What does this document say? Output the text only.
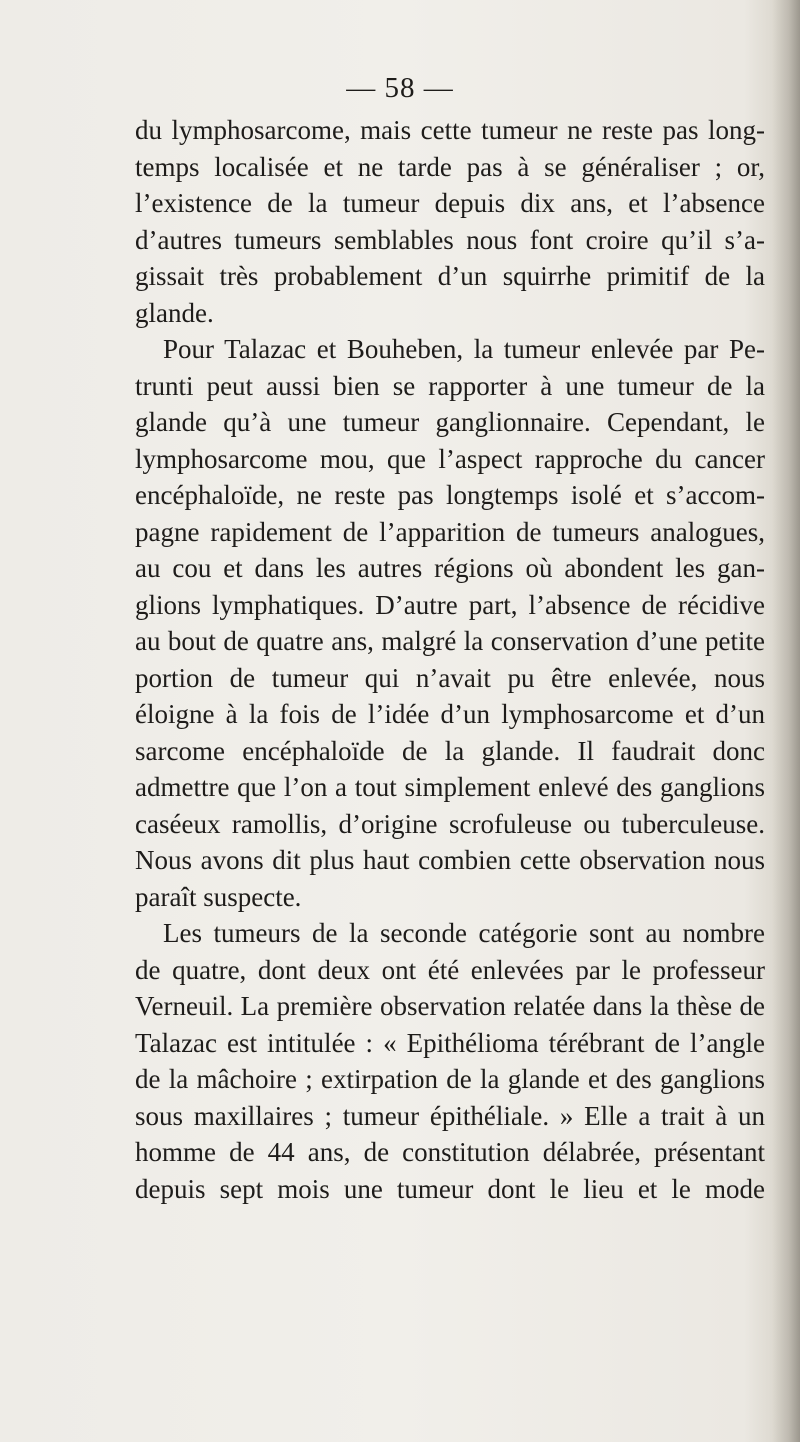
— 58 —
du lymphosarcome, mais cette tumeur ne reste pas long-
temps localisée et ne tarde pas à se généraliser ; or,
l’existence de la tumeur depuis dix ans, et l’absence
d’autres tumeurs semblables nous font croire qu’il s’a-
gissait très probablement d’un squirrhe primitif de la
glande.
Pour Talazac et Bouheben, la tumeur enlevée par Pe-
trunti peut aussi bien se rapporter à une tumeur de la
glande qu’à une tumeur ganglionnaire. Cependant, le
lymphosarcome mou, que l’aspect rapproche du cancer
encéphaloïde, ne reste pas longtemps isolé et s’accom-
pagne rapidement de l’apparition de tumeurs analogues,
au cou et dans les autres régions où abondent les gan-
glions lymphatiques. D’autre part, l’absence de récidive
au bout de quatre ans, malgré la conservation d’une petite
portion de tumeur qui n’avait pu être enlevée, nous
éloigne à la fois de l’idée d’un lymphosarcome et d’un
sarcome encéphaloïde de la glande. Il faudrait donc
admettre que l’on a tout simplement enlevé des ganglions
caséeux ramollis, d’origine scrofuleuse ou tuberculeuse.
Nous avons dit plus haut combien cette observation nous
paraît suspecte.
Les tumeurs de la seconde catégorie sont au nombre
de quatre, dont deux ont été enlevées par le professeur
Verneuil. La première observation relatée dans la thèse de
Talazac est intitulée : « Epithélioma térébrant de l’angle
de la mâchoire ; extirpation de la glande et des ganglions
sous maxillaires ; tumeur épithéliale. » Elle a trait à un
homme de 44 ans, de constitution délabrée, présentant
depuis sept mois une tumeur dont le lieu et le mode
